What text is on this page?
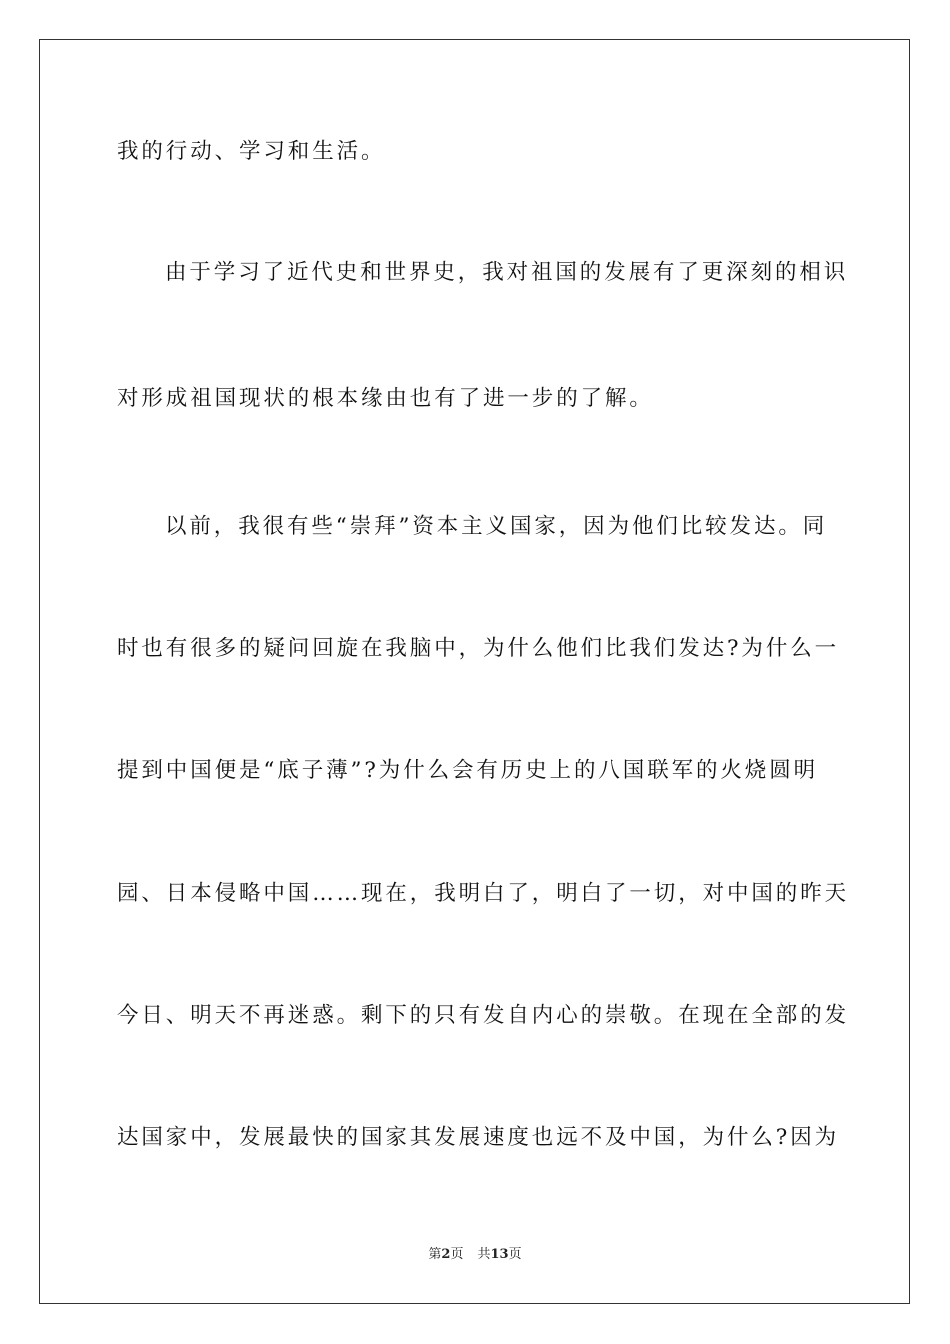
我的行动、学习和生活。
由于学习了近代史和世界史，我对祖国的发展有了更深刻的相识
对形成祖国现状的根本缘由也有了进一步的了解。
以前，我很有些“崇拜”资本主义国家，因为他们比较发达。同
时也有很多的疑问回旋在我脑中，为什么他们比我们发达?为什么一
提到中国便是“底子薄”?为什么会有历史上的八国联军的火烧圆明
园、日本侵略中国……现在，我明白了，明白了一切，对中国的昨天
今日、明天不再迷惑。剩下的只有发自内心的崇敬。在现在全部的发
达国家中，发展最快的国家其发展速度也远不及中国，为什么?因为
第2页 共13页
